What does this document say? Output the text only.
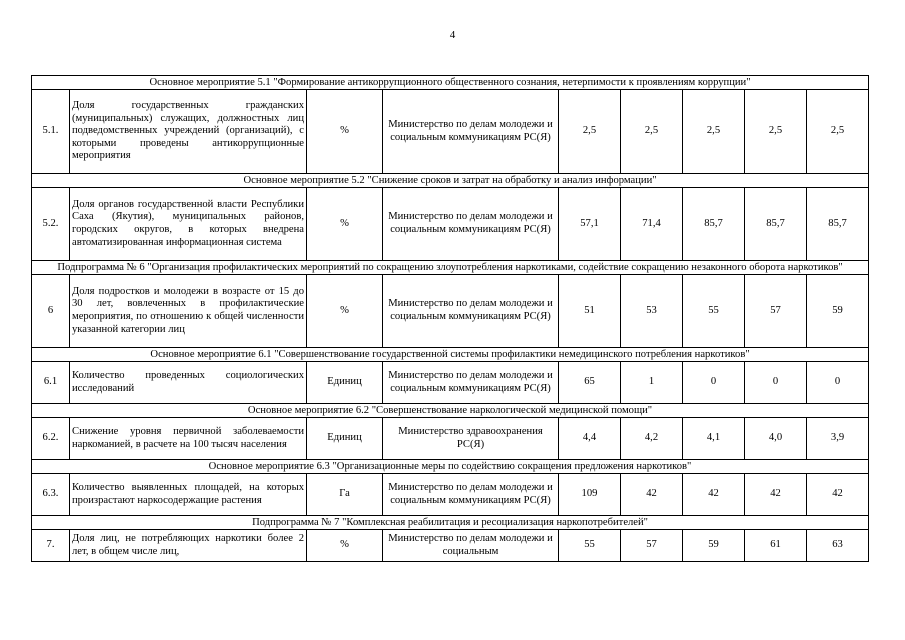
4
Основное мероприятие 5.1 "Формирование антикоррупционного общественного сознания, нетерпимости к проявлениям коррупции"								
5.1.	Доля государственных гражданских (муниципальных) служащих, должностных лиц подведомственных учреждений (организаций), с которыми проведены антикоррупционные мероприятия	%	Министерство по делам молодежи и социальным коммуникациям РС(Я)	2,5	2,5	2,5	2,5	2,5
Основное мероприятие 5.2 "Снижение сроков и затрат на обработку и анализ информации"								
5.2.	Доля органов государственной власти Республики Саха (Якутия), муниципальных районов, городских округов, в которых внедрена автоматизированная информационная система	%	Министерство по делам молодежи и социальным коммуникациям РС(Я)	57,1	71,4	85,7	85,7	85,7
Подпрограмма № 6 "Организация профилактических мероприятий по сокращению злоупотребления наркотиками, содействие сокращению незаконного оборота наркотиков"								
6	Доля подростков и молодежи в возрасте от 15 до 30 лет, вовлеченных в профилактические мероприятия, по отношению к общей численности указанной категории лиц	%	Министерство по делам молодежи и социальным коммуникациям РС(Я)	51	53	55	57	59
Основное мероприятие 6.1 "Совершенствование государственной системы профилактики немедицинского потребления наркотиков"								
6.1	Количество проведенных социологических исследований	Единиц	Министерство по делам молодежи и социальным коммуникациям РС(Я)	65	1	0	0	0
Основное мероприятие 6.2 "Совершенствование наркологической медицинской помощи"								
6.2.	Снижение уровня первичной заболеваемости наркоманией, в расчете на 100 тысяч населения	Единиц	Министерство здравоохранения РС(Я)	4,4	4,2	4,1	4,0	3,9
Основное мероприятие 6.3 "Организационные меры по содействию сокращения предложения наркотиков"								
6.3.	Количество выявленных площадей, на которых произрастают наркосодержащие растения	Га	Министерство по делам молодежи и социальным коммуникациям РС(Я)	109	42	42	42	42
Подпрограмма № 7 "Комплексная реабилитация и ресоциализация наркопотребителей"								
7.	Доля лиц, не потребляющих наркотики более 2 лет, в общем числе лиц,	%	Министерство по делам молодежи и социальным	55	57	59	61	63
